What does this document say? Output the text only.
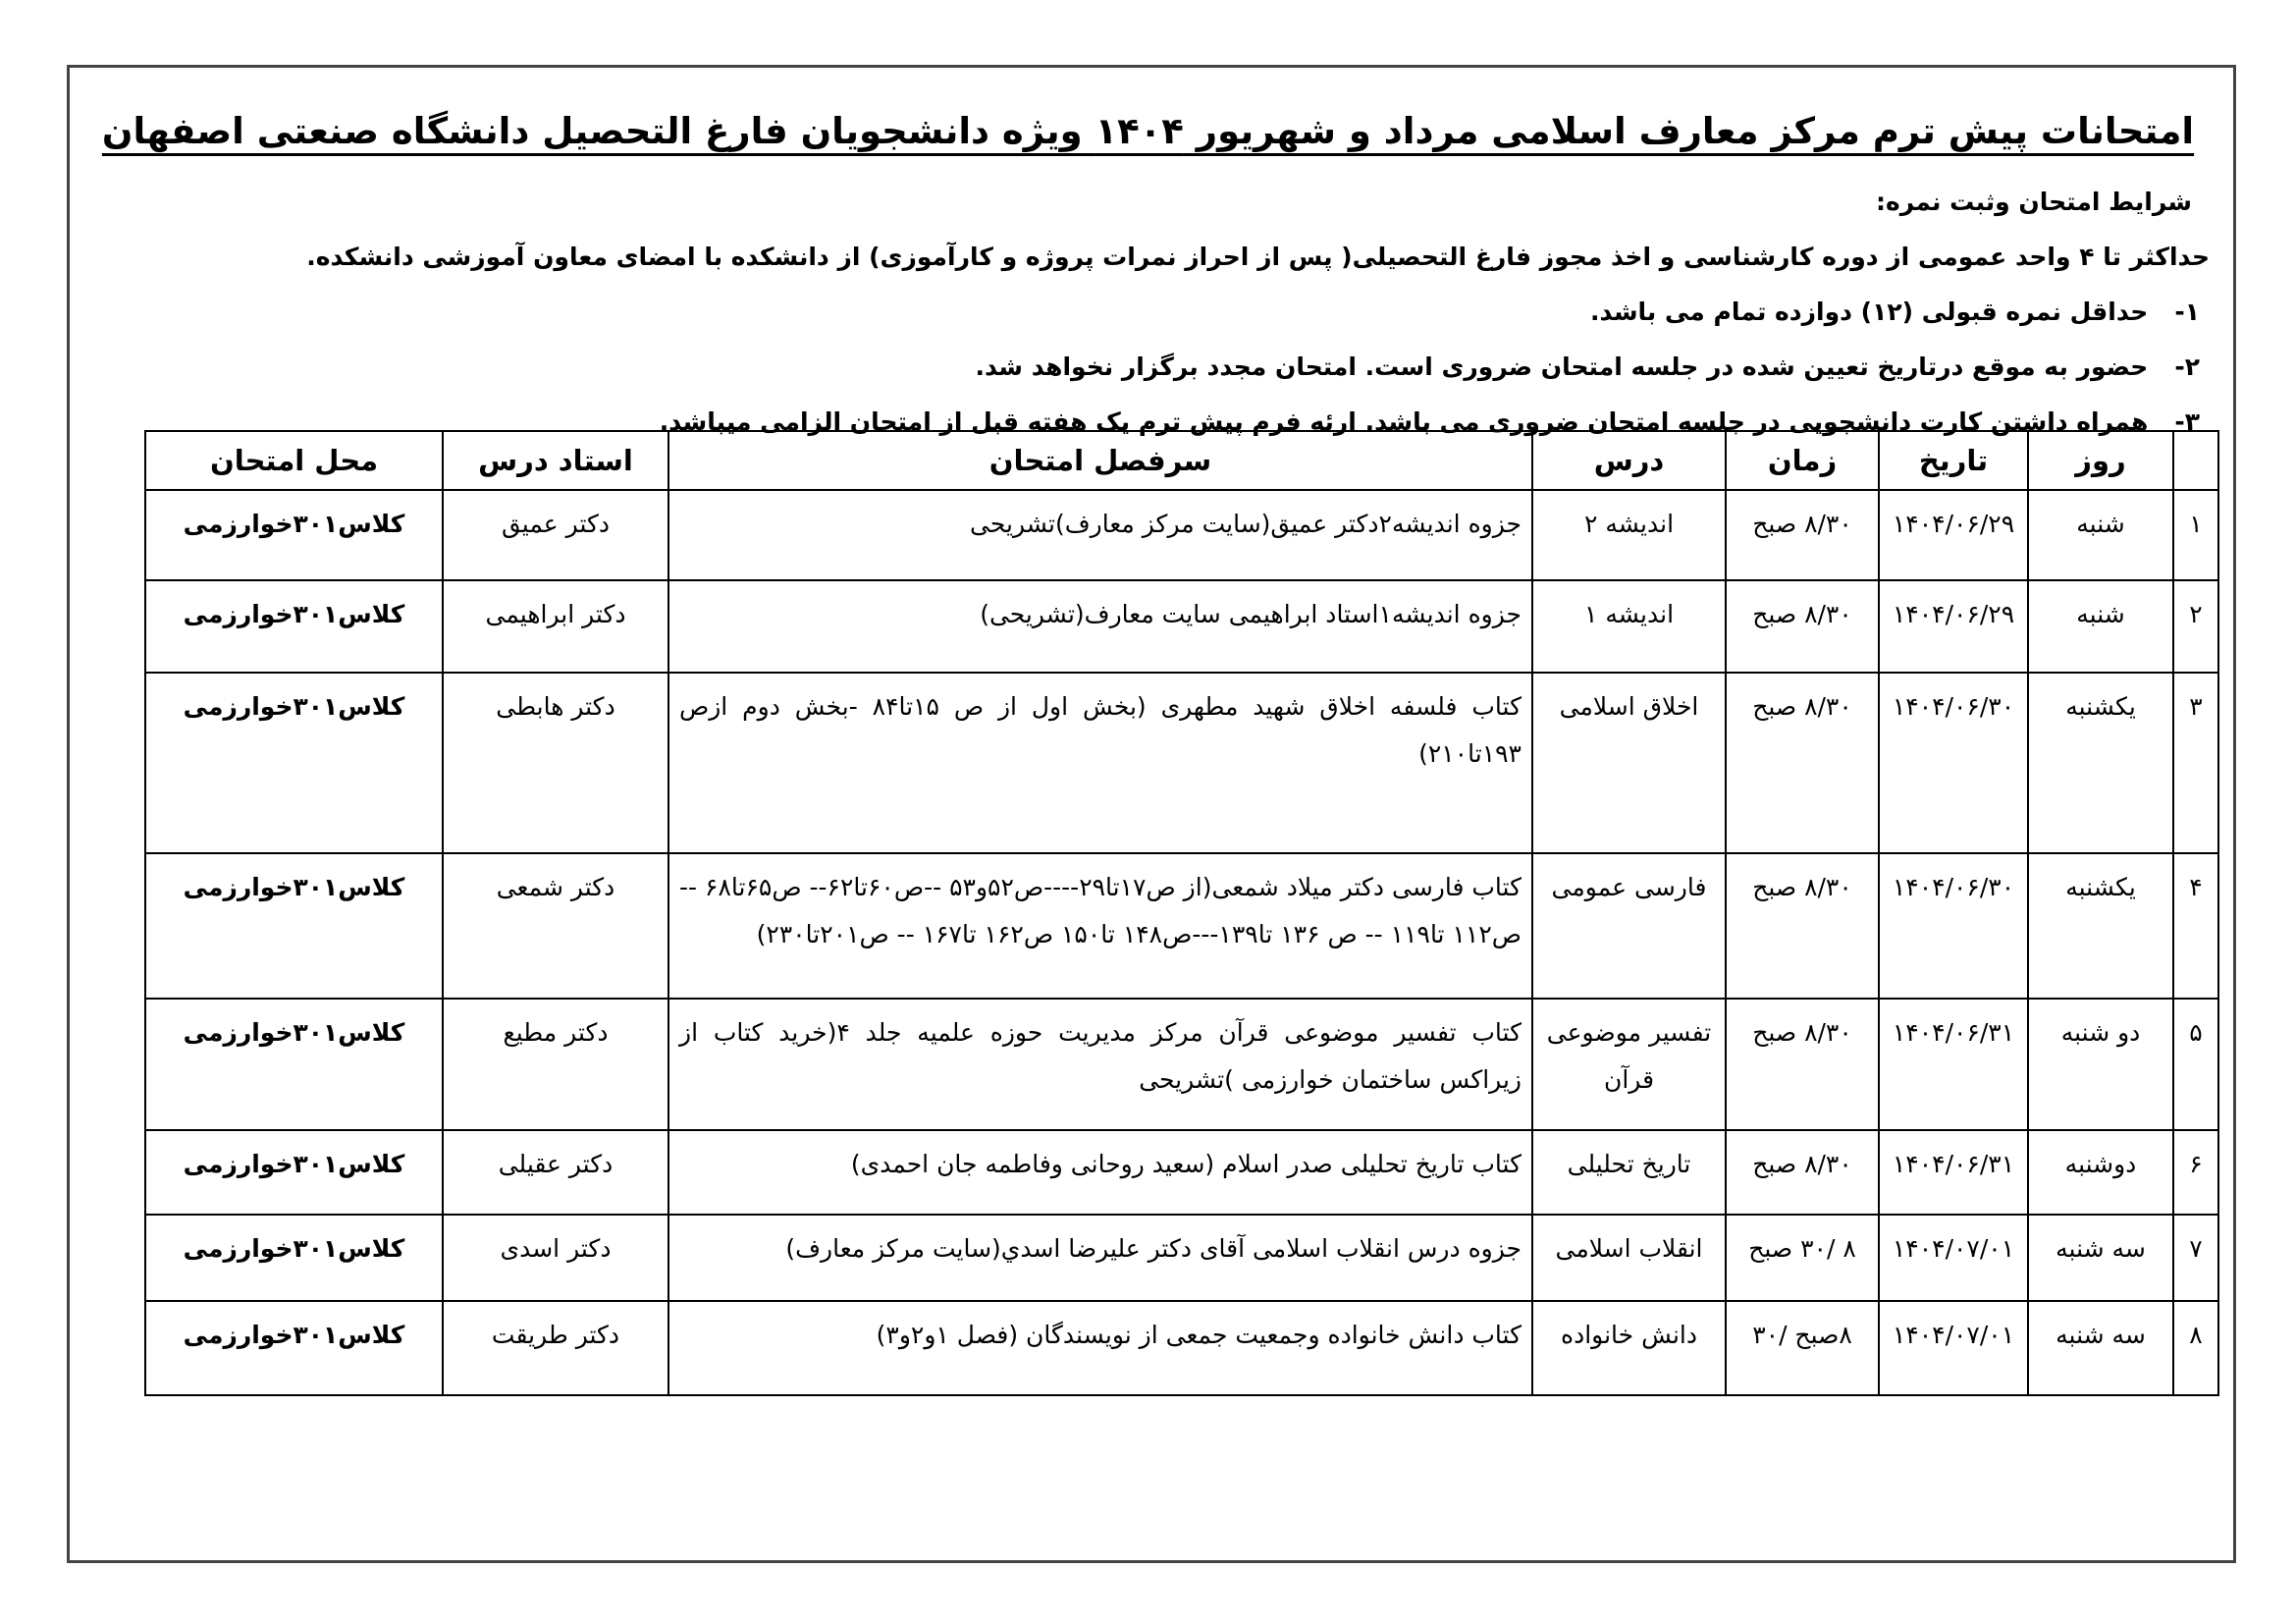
امتحانات پیش ترم مرکز معارف اسلامی مرداد و شهریور ۱۴۰۴ ویژه دانشجویان فارغ التحصیل دانشگاه صنعتی اصفهان
شرایط امتحان وثبت نمره:
حداکثر تا ۴ واحد عمومی از دوره کارشناسی و اخذ مجوز فارغ التحصیلی( پس از احراز نمرات پروژه و کارآموزی) از دانشکده با امضای معاون آموزشی دانشکده.
۱- حداقل نمره قبولی (۱۲) دوازده تمام می باشد.
۲- حضور به موقع درتاریخ تعیین شده در جلسه امتحان ضروری است. امتحان مجدد برگزار نخواهد شد.
۳- همراه داشتن کارت دانشجویی در جلسه امتحان ضروری می باشد. ارئه فرم پیش ترم یک هفته قبل از امتحان الزامی میباشد.
	روز	تاریخ	زمان	درس	سرفصل امتحان	استاد درس	محل امتحان
۱	شنبه	۱۴۰۴/۰۶/۲۹	۸/۳۰ صبح	اندیشه ۲	جزوه اندیشه۲دکتر عمیق(سایت مرکز معارف)تشریحی	دکتر عمیق	کلاس۳۰۱خوارزمی
۲	شنبه	۱۴۰۴/۰۶/۲۹	۸/۳۰ صبح	اندیشه ۱	جزوه اندیشه۱استاد ابراهیمی سایت معارف(تشریحی)	دکتر ابراهیمی	کلاس۳۰۱خوارزمی
۳	یکشنبه	۱۴۰۴/۰۶/۳۰	۸/۳۰ صبح	اخلاق اسلامی	کتاب فلسفه اخلاق شهید مطهری (بخش اول از ص ۱۵تا۸۴ -بخش دوم ازص ۱۹۳تا۲۱۰)	دکتر هابطی	کلاس۳۰۱خوارزمی
۴	یکشنبه	۱۴۰۴/۰۶/۳۰	۸/۳۰ صبح	فارسی عمومی	کتاب فارسی دکتر میلاد شمعی(از ص۱۷تا۲۹----ص۵۲و۵۳ --ص۶۰تا۶۲-- ص۶۵تا۶۸ --ص۱۱۲ تا۱۱۹ -- ص ۱۳۶ تا۱۳۹---ص۱۴۸ تا۱۵۰ ص۱۶۲ تا۱۶۷ -- ص۲۰۱تا۲۳۰)	دکتر شمعی	کلاس۳۰۱خوارزمی
۵	دو شنبه	۱۴۰۴/۰۶/۳۱	۸/۳۰ صبح	تفسیر موضوعی قرآن	کتاب تفسیر موضوعی قرآن مرکز مدیریت حوزه علمیه جلد ۴(خرید کتاب از زیراکس ساختمان خوارزمی )تشریحی	دکتر مطیع	کلاس۳۰۱خوارزمی
۶	دوشنبه	۱۴۰۴/۰۶/۳۱	۸/۳۰ صبح	تاریخ تحلیلی	کتاب تاریخ تحلیلی صدر اسلام (سعید روحانی وفاطمه جان احمدی)	دکتر عقیلی	کلاس۳۰۱خوارزمی
۷	سه شنبه	۱۴۰۴/۰۷/۰۱	۸ /۳۰ صبح	انقلاب اسلامی	جزوه درس انقلاب اسلامی آقای دکتر علیرضا اسدي(سایت مرکز معارف)	دکتر اسدی	کلاس۳۰۱خوارزمی
۸	سه شنبه	۱۴۰۴/۰۷/۰۱	۸صبح /۳۰	دانش خانواده	کتاب دانش خانواده وجمعیت جمعی از نویسندگان (فصل ۱و۲و۳)	دکتر طریقت	کلاس۳۰۱خوارزمی
